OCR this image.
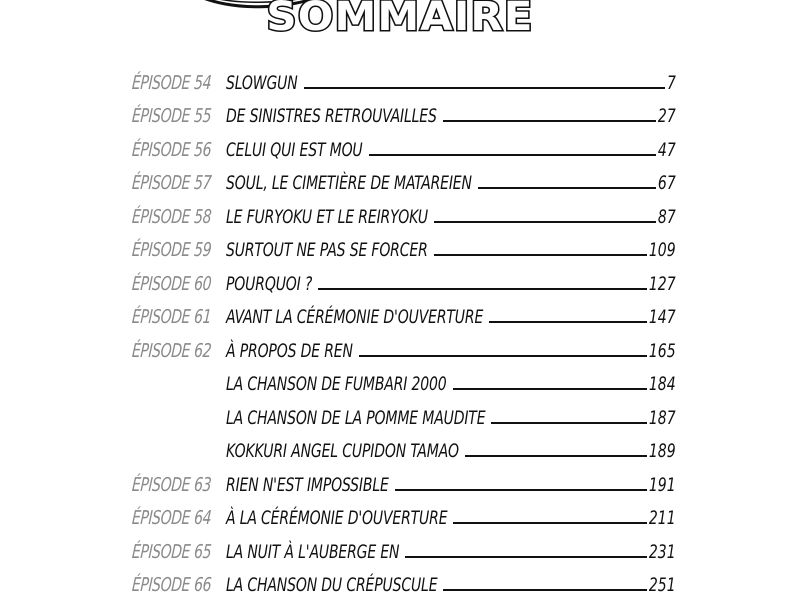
SOMMAIRE
ÉPISODE 54 SLOWGUN	7
ÉPISODE 55 DE SINISTRES RETROUVAILLES	27
ÉPISODE 56 CELUI QUI EST MOU	47
ÉPISODE 57 SOUL, LE CIMETIÈRE DE MATAREIEN	67
ÉPISODE 58 LE FURYOKU ET LE REIRYOKU	87
ÉPISODE 59 SURTOUT NE PAS SE FORCER	109
ÉPISODE 60 POURQUOI ?	127
ÉPISODE 61 AVANT LA CÉRÉMONIE D'OUVERTURE	147
ÉPISODE 62 À PROPOS DE REN	165
LA CHANSON DE FUMBARI 2000	184
LA CHANSON DE LA POMME MAUDITE	187
KOKKURI ANGEL CUPIDON TAMAO	189
ÉPISODE 63 RIEN N'EST IMPOSSIBLE	191
ÉPISODE 64 À LA CÉRÉMONIE D'OUVERTURE	211
ÉPISODE 65 LA NUIT À L'AUBERGE EN	231
ÉPISODE 66 LA CHANSON DU CRÉPUSCULE	251
